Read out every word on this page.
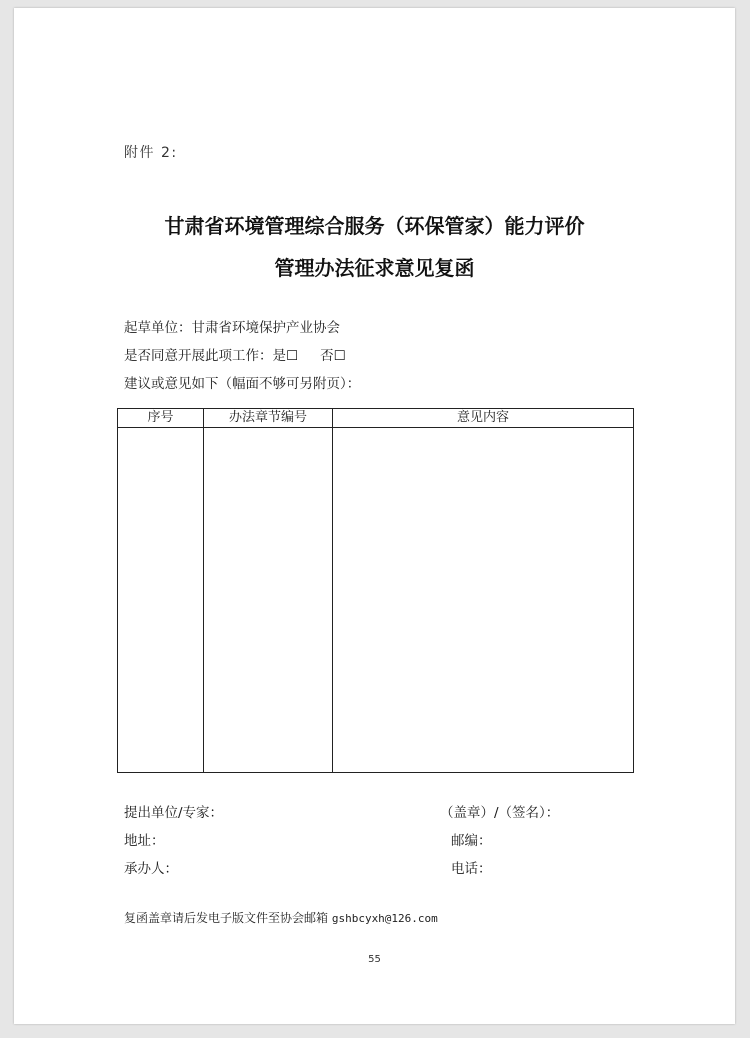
附件 2:
甘肃省环境管理综合服务（环保管家）能力评价
管理办法征求意见复函
起草单位：甘肃省环境保护产业协会
是否同意开展此项工作：是☐ 否☐
建议或意见如下（幅面不够可另附页）：
序号	办法章节编号	意见内容

提出单位/专家：	（盖章）/（签名）：
地址：	邮编：
承办人：	电话：
复函盖章请后发电子版文件至协会邮箱 gshbcyxh@126.com
55
